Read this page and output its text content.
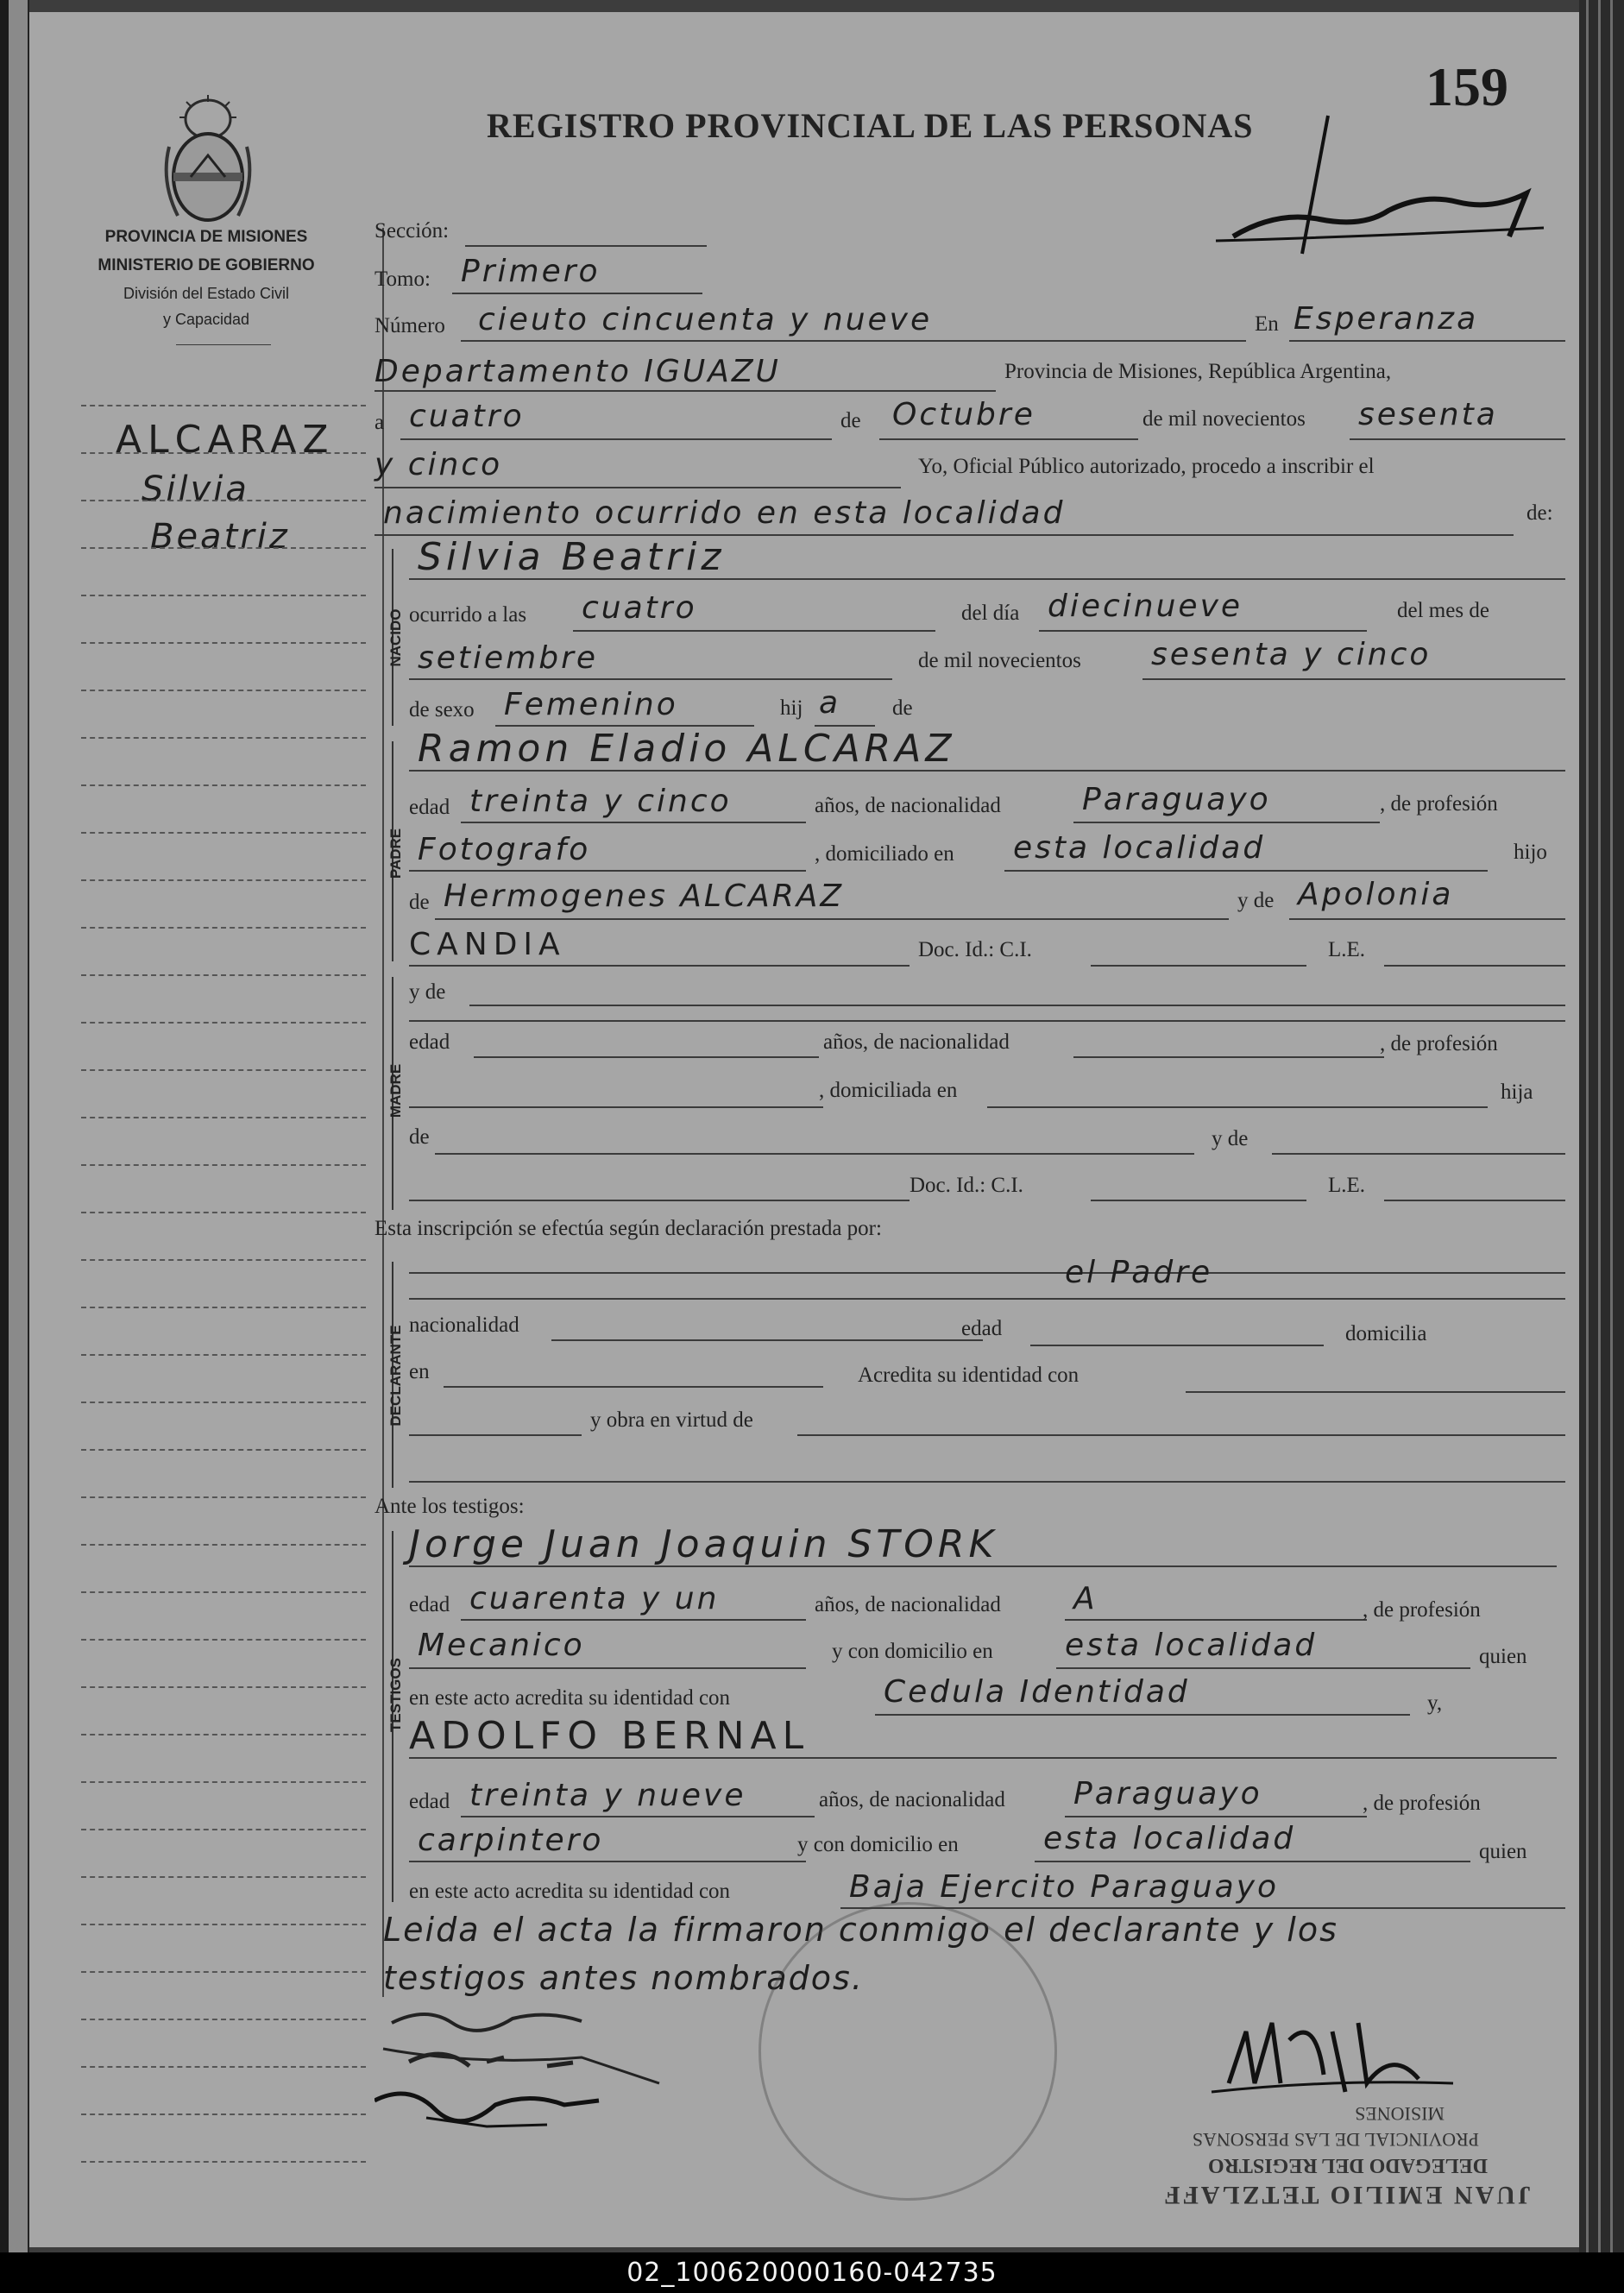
PROVINCIA DE MISIONES
MINISTERIO DE GOBIERNO
División del Estado Civil
y Capacidad
REGISTRO PROVINCIAL DE LAS PERSONAS
159
ALCARAZ
Silvia
Beatriz
Sección:
Tomo: Primero
Número cieuto cincuenta y nueve	En Esperanza
Departamento IGUAZU	Provincia de Misiones, República Argentina,
a cuatro	de Octubre	de mil novecientos sesenta
y cinco	Yo, Oficial Público autorizado, procedo a inscribir el
nacimiento ocurrido en esta localidad	de:
NACIDO
Silvia Beatriz
ocurrido a las cuatro	del día diecinueve	del mes de
setiembre	de mil novecientos sesenta y cinco
de sexo Femenino	hij a de
PADRE
Ramon Eladio ALCARAZ
edad treinta y cinco	años, de nacionalidad	Paraguayo	, de profesión
Fotografo	, domiciliado en esta localidad	hijo
de Hermogenes ALCARAZ	y de Apolonia
CANDIA	Doc. Id.: C.I.	L.E.
MADRE
y de
edad	años, de nacionalidad	, de profesión
, domiciliada en	hija
de	y de
Doc. Id.: C.I.	L.E.
Esta inscripción se efectúa según declaración prestada por:
DECLARANTE
el Padre
nacionalidad	edad	domicilia
en	Acredita su identidad con
y obra en virtud de
Ante los testigos:
TESTIGOS
Jorge Juan Joaquin STORK
edad cuarenta y un	años, de nacionalidad A	, de profesión
Mecanico	y con domicilio en esta localidad	quien
en este acto acredita su identidad con	Cedula Identidad	y,
ADOLFO BERNAL
edad treinta y nueve	años, de nacionalidad Paraguayo	, de profesión
carpintero	y con domicilio en	esta localidad	quien
en este acto acredita su identidad con	Baja Ejercito Paraguayo
Leida el acta la firmaron conmigo el declarante y los
testigos antes nombrados.
MISIONES
PROVINCIAL DE LAS PERSONAS
DELEGADO DEL REGISTRO
JUAN EMILIO TETZLAFF
02_100620000160-042735
